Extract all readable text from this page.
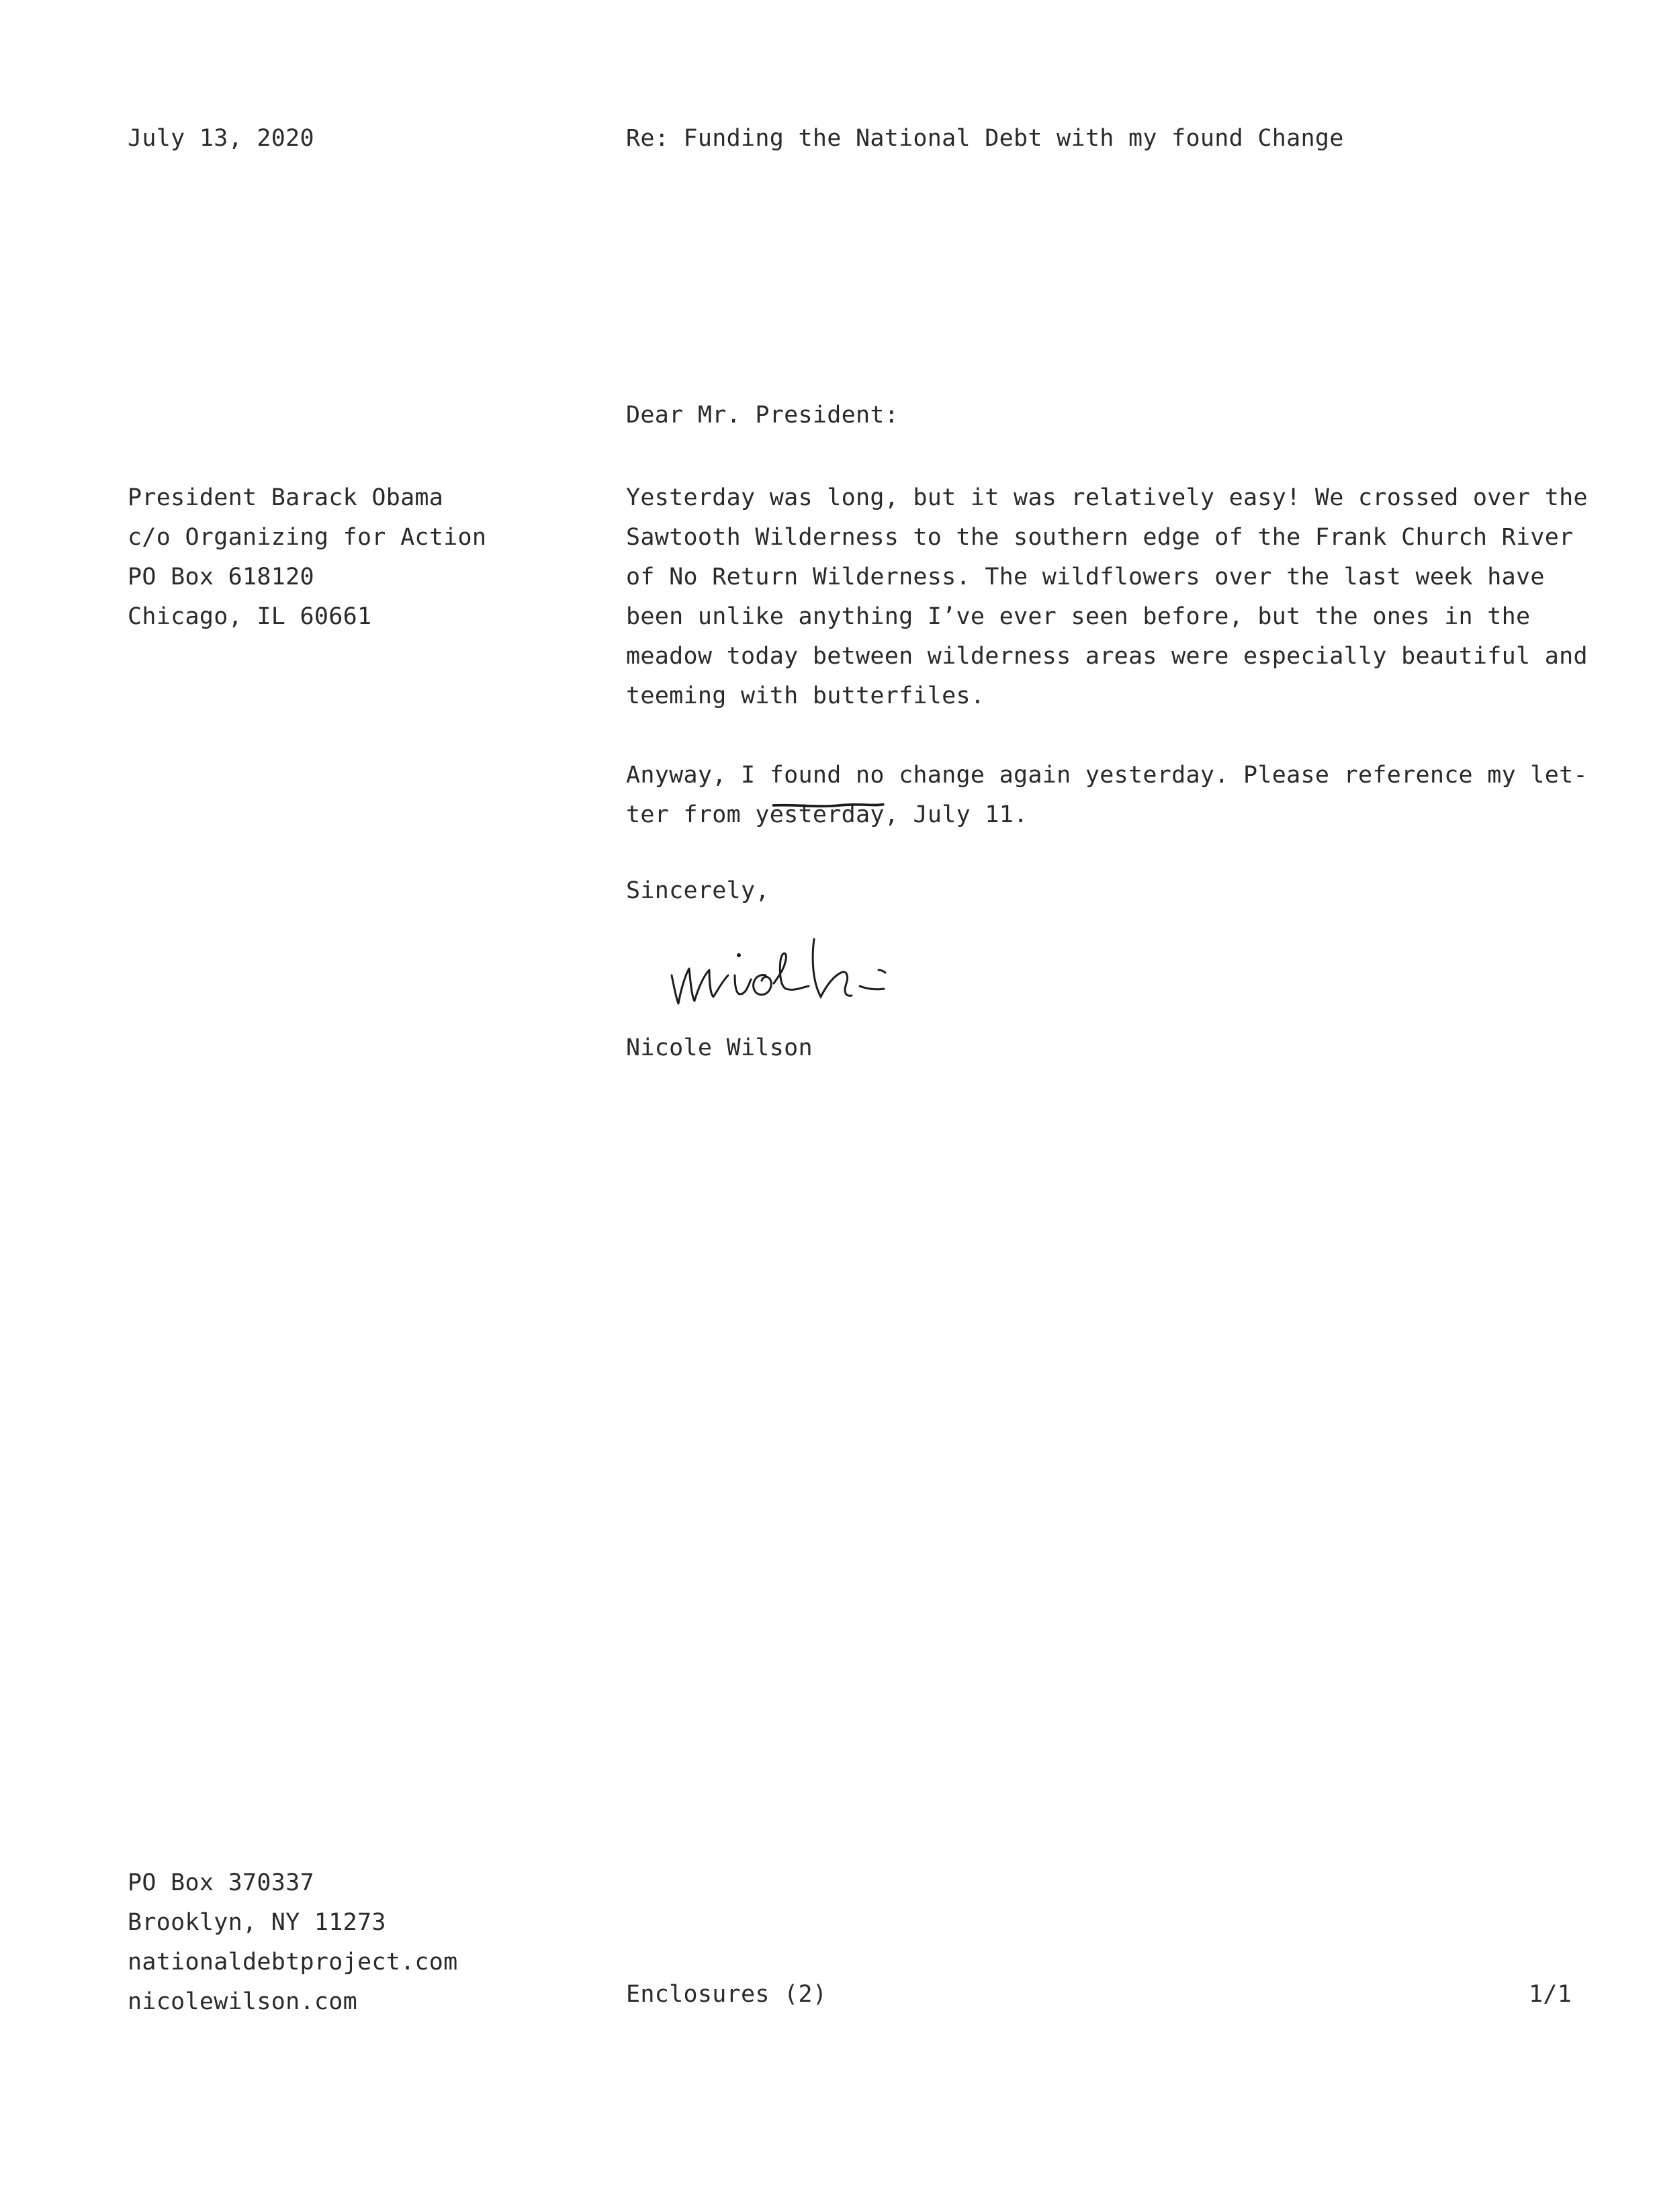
July 13, 2020	Re: Funding the National Debt with my found Change
Dear Mr. President:
President Barack Obama
c/o Organizing for Action
PO Box 618120
Chicago, IL 60661
Yesterday was long, but it was relatively easy! We crossed over the
Sawtooth Wilderness to the southern edge of the Frank Church River
of No Return Wilderness. The wildflowers over the last week have
been unlike anything I’ve ever seen before, but the ones in the
meadow today between wilderness areas were especially beautiful and
teeming with butterfiles.
Anyway, I found no change again yesterday. Please reference my let-
ter from yesterday
, July 11.
Sincerely,
Nicole Wilson
PO Box 370337
Brooklyn, NY 11273
nationaldebtproject.com
nicolewilson.com	Enclosures (2)	1/1
